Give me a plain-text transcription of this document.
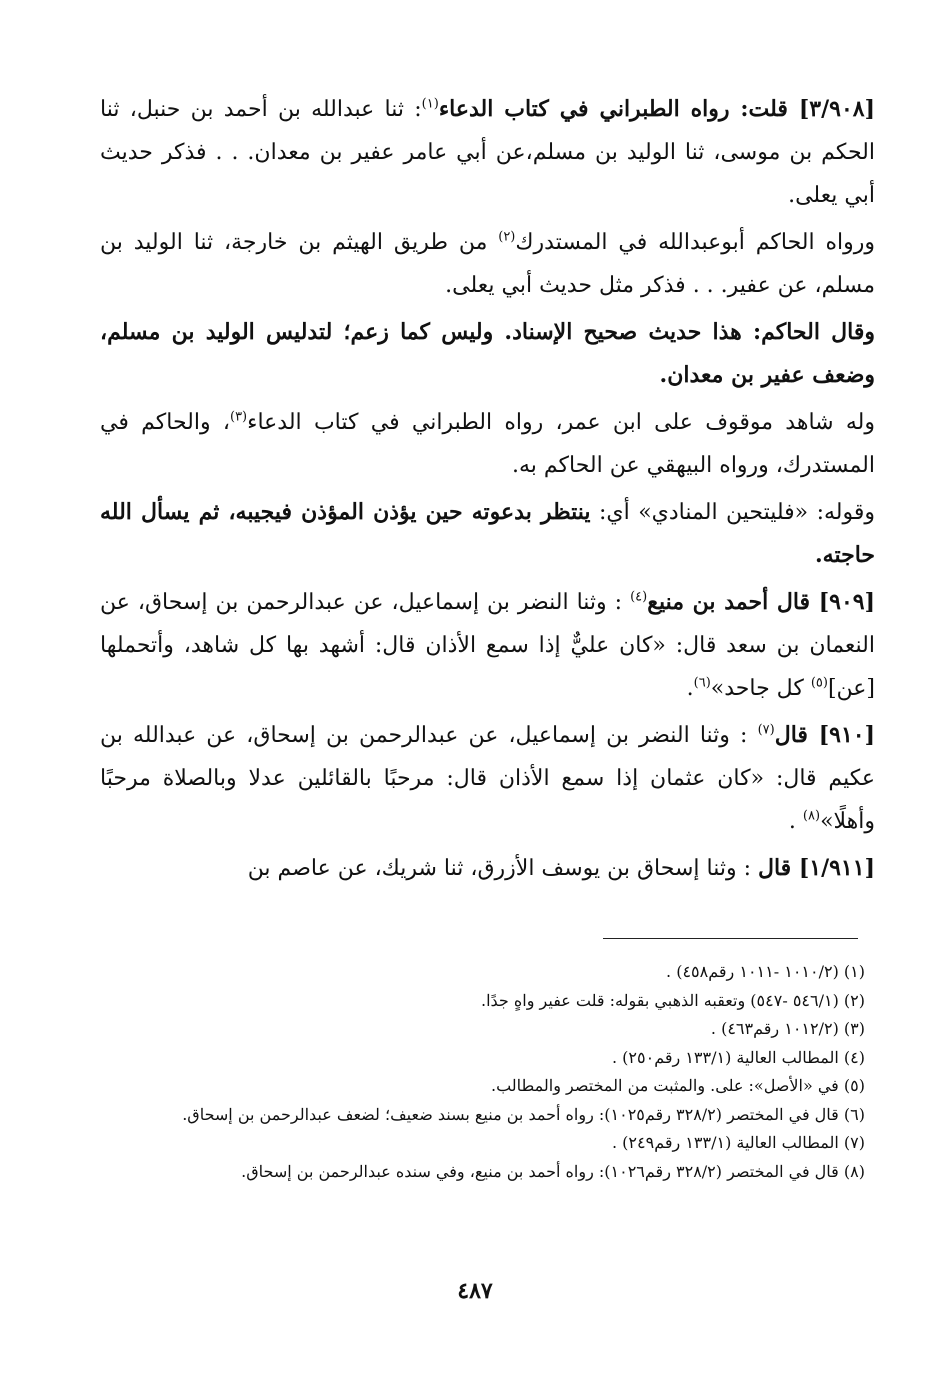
[٣/٩٠٨] قلت: رواه الطبراني في كتاب الدعاء$^{(١)}$: ثنا عبدالله بن أحمد بن حنبل، ثنا الحكم بن موسى، ثنا الوليد بن مسلم،عن أبي عامر عفير بن معدان. . . فذكر حديث أبي يعلى.

ورواه الحاكم أبوعبدالله في المستدرك$^{(٢)}$ من طريق الهيثم بن خارجة، ثنا الوليد بن مسلم، عن عفير. . . فذكر مثل حديث أبي يعلى.

وقال الحاكم: هذا حديث صحيح الإسناد. وليس كما زعم؛ لتدليس الوليد بن مسلم، وضعف عفير بن معدان.

وله شاهد موقوف على ابن عمر، رواه الطبراني في كتاب الدعاء$^{(٣)}$، والحاكم في المستدرك، ورواه البيهقي عن الحاكم به.

وقوله: «فليتحين المنادي» أي: ينتظر بدعوته حين يؤذن المؤذن فيجيبه، ثم يسأل الله حاجته.

[٩٠٩] قال أحمد بن منيع$^{(٤)}$ : وثنا النضر بن إسماعيل، عن عبدالرحمن بن إسحاق، عن النعمان بن سعد قال: «كان عليٌّ إذا سمع الأذان قال: أشهد بها كل شاهد، وأتحملها [عن]$^{(٥)}$ كل جاحد»$^{(٦)}$.

[٩١٠] قال$^{(٧)}$ : وثنا النضر بن إسماعيل، عن عبدالرحمن بن إسحاق، عن عبدالله بن عكيم قال: «كان عثمان إذا سمع الأذان قال: مرحبًا بالقائلين عدلا وبالصلاة مرحبًا وأهلًا»$^{(٨)}$ .

[١/٩١١] قال : وثنا إسحاق بن يوسف الأزرق، ثنا شريك، عن عاصم بن

(١) (١٠١٠/٢ -١٠١١ رقم٤٥٨) .

(٢) (٥٤٦/١ -٥٤٧) وتعقبه الذهبي بقوله: قلت عفير واهٍ جدًا.

(٣) (١٠١٢/٢ رقم٤٦٣) .

(٤) المطالب العالية (١٣٣/١ رقم٢٥٠) .

(٥) في «الأصل»: على. والمثبت من المختصر والمطالب.

(٦) قال في المختصر (٣٢٨/٢ رقم١٠٢٥): رواه أحمد بن منيع بسند ضعيف؛ لضعف عبدالرحمن بن إسحاق.

(٧) المطالب العالية (١٣٣/١ رقم٢٤٩) .

(٨) قال في المختصر (٣٢٨/٢ رقم١٠٢٦): رواه أحمد بن منيع، وفي سنده عبدالرحمن بن إسحاق.

٤٨٧
